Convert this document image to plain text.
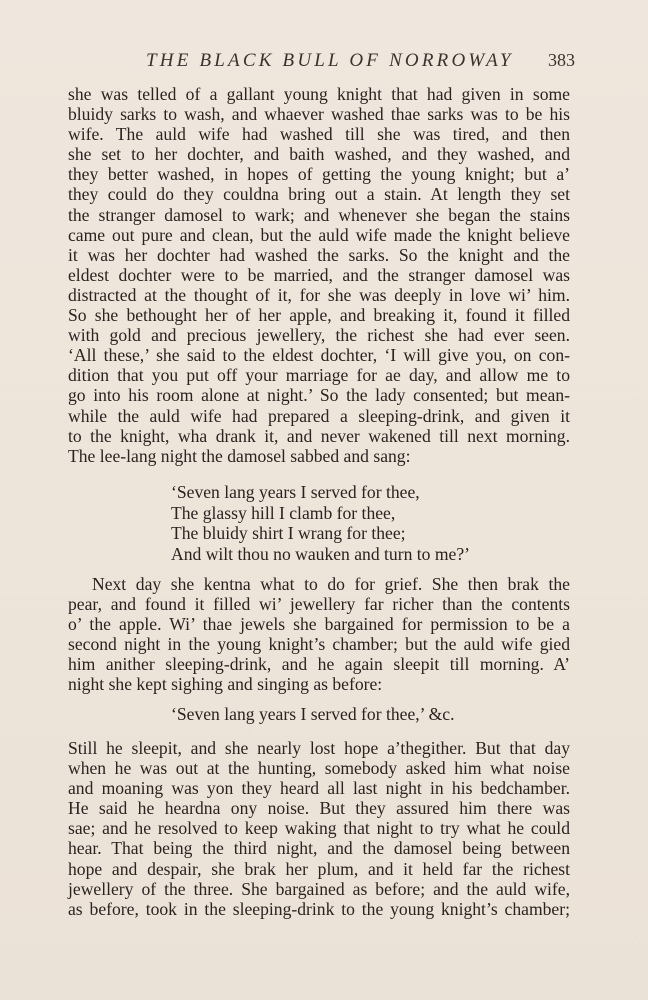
THE BLACK BULL OF NORROWAY 383
she was telled of a gallant young knight that had given in some
bluidy sarks to wash, and whaever washed thae sarks was to be his
wife. The auld wife had washed till she was tired, and then
she set to her dochter, and baith washed, and they washed, and
they better washed, in hopes of getting the young knight; but a’
they could do they couldna bring out a stain. At length they set
the stranger damosel to wark; and whenever she began the stains
came out pure and clean, but the auld wife made the knight believe
it was her dochter had washed the sarks. So the knight and the
eldest dochter were to be married, and the stranger damosel was
distracted at the thought of it, for she was deeply in love wi’ him.
So she bethought her of her apple, and breaking it, found it filled
with gold and precious jewellery, the richest she had ever seen.
‘All these,’ she said to the eldest dochter, ‘I will give you, on con-
dition that you put off your marriage for ae day, and allow me to
go into his room alone at night.’ So the lady consented; but mean-
while the auld wife had prepared a sleeping-drink, and given it
to the knight, wha drank it, and never wakened till next morning.
The lee-lang night the damosel sabbed and sang:
‘Seven lang years I served for thee,
The glassy hill I clamb for thee,
The bluidy shirt I wrang for thee;
And wilt thou no wauken and turn to me?’
Next day she kentna what to do for grief. She then brak the
pear, and found it filled wi’ jewellery far richer than the contents
o’ the apple. Wi’ thae jewels she bargained for permission to be a
second night in the young knight’s chamber; but the auld wife gied
him anither sleeping-drink, and he again sleepit till morning. A’
night she kept sighing and singing as before:
‘Seven lang years I served for thee,’ &c.
Still he sleepit, and she nearly lost hope a’thegither. But that day
when he was out at the hunting, somebody asked him what noise
and moaning was yon they heard all last night in his bedchamber.
He said he heardna ony noise. But they assured him there was
sae; and he resolved to keep waking that night to try what he could
hear. That being the third night, and the damosel being between
hope and despair, she brak her plum, and it held far the richest
jewellery of the three. She bargained as before; and the auld wife,
as before, took in the sleeping-drink to the young knight’s chamber;
